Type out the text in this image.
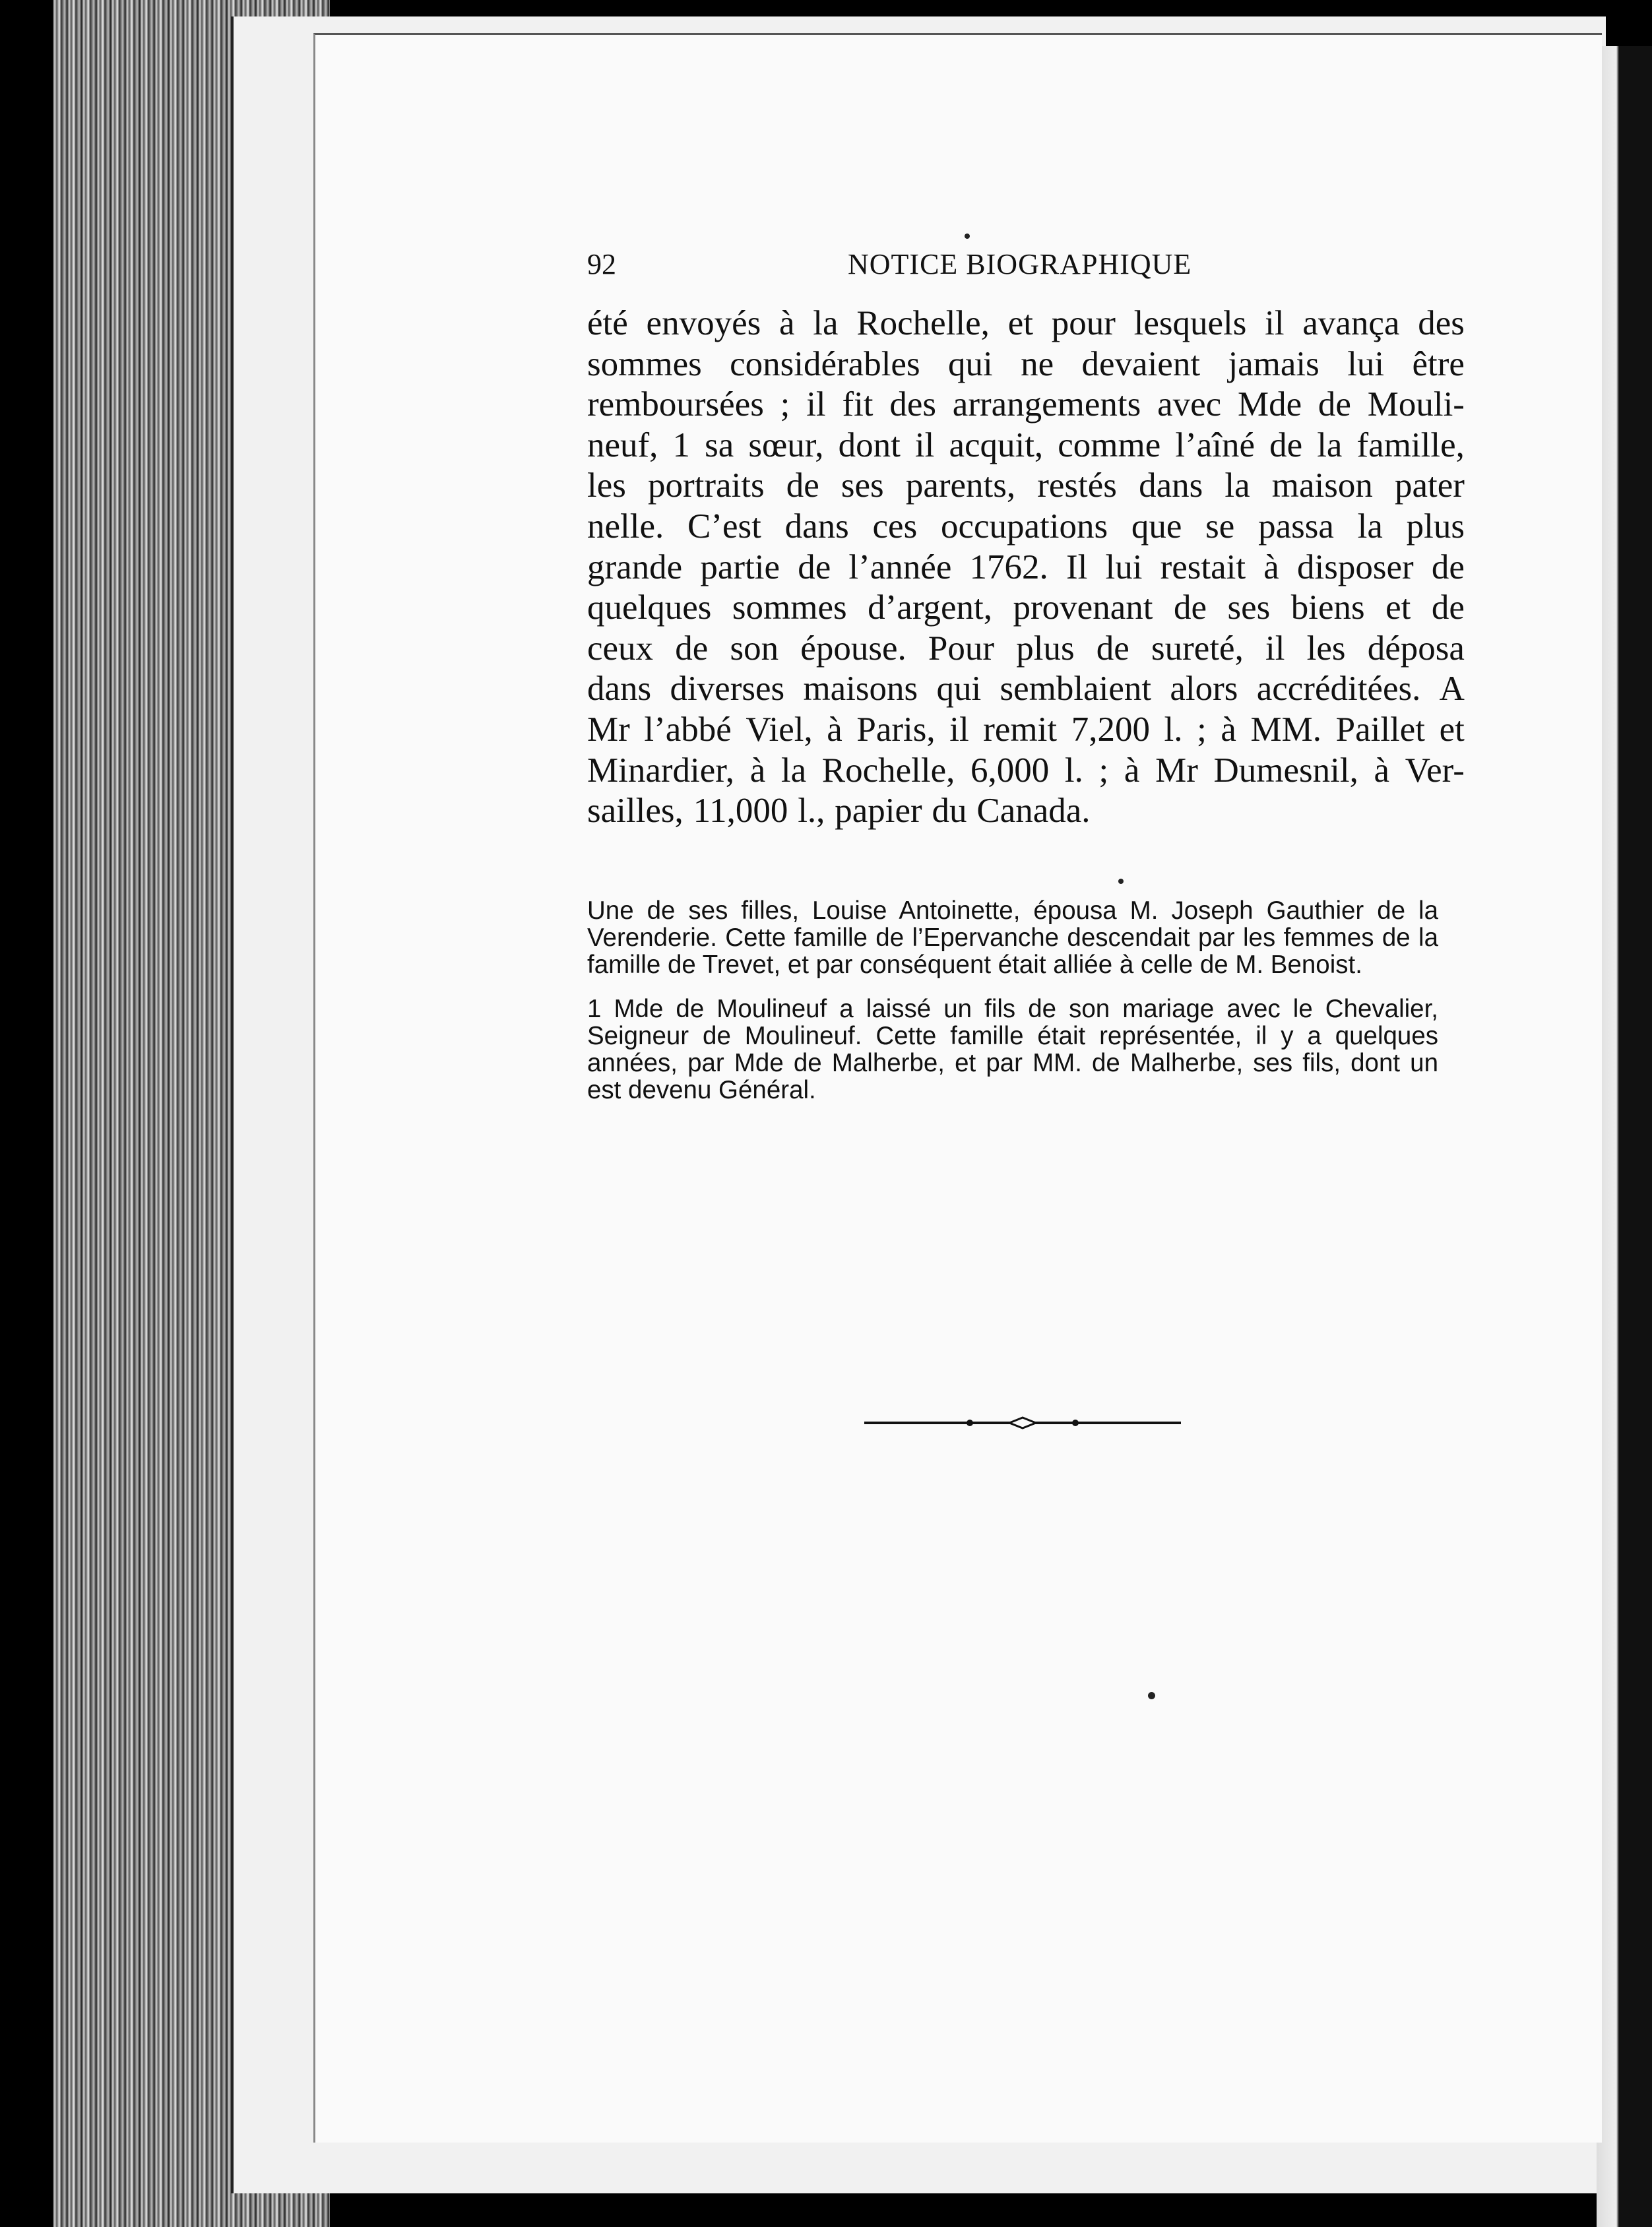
92	NOTICE BIOGRAPHIQUE
été envoyés à la Rochelle, et pour lesquels il avança des
sommes considérables qui ne devaient jamais lui être
remboursées ; il fit des arrangements avec Mde de Mouli-
neuf, 1 sa sœur, dont il acquit, comme l’aîné de la famille,
les portraits de ses parents, restés dans la maison pater
nelle. C’est dans ces occupations que se passa la plus
grande partie de l’année 1762. Il lui restait à disposer de
quelques sommes d’argent, provenant de ses biens et de
ceux de son épouse. Pour plus de sureté, il les déposa
dans diverses maisons qui semblaient alors accréditées. A
Mr l’abbé Viel, à Paris, il remit 7,200 l. ; à MM. Paillet et
Minardier, à la Rochelle, 6,000 l. ; à Mr Dumesnil, à Ver-
sailles, 11,000 l., papier du Canada.

Une de ses filles, Louise Antoinette, épousa M. Joseph Gauthier de la Verenderie. Cette famille de l’Epervanche descendait par les femmes de la famille de Trevet, et par conséquent était alliée à celle de M. Benoist.

1 Mde de Moulineuf a laissé un fils de son mariage avec le Chevalier, Seigneur de Moulineuf. Cette famille était représentée, il y a quelques années, par Mde de Malherbe, et par MM. de Malherbe, ses fils, dont un est devenu Général.
